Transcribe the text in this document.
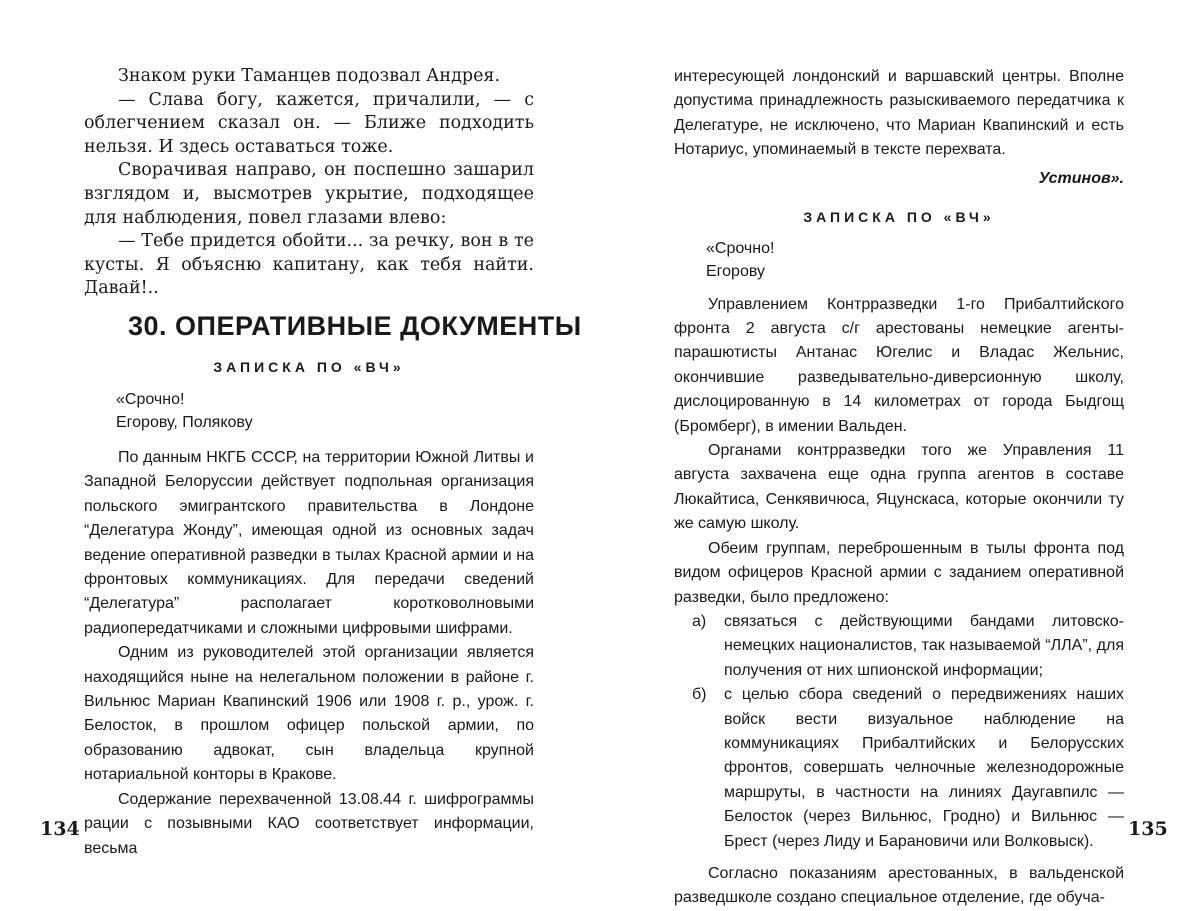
Знаком руки Таманцев подозвал Андрея.

— Слава богу, кажется, причалили, — с облегчением сказал он. — Ближе подходить нельзя. И здесь оставаться тоже.

Сворачивая направо, он поспешно зашарил взглядом и, высмотрев укрытие, подходящее для наблюдения, повел глазами влево:

— Тебе придется обойти... за речку, вон в те кусты. Я объясню капитану, как тебя найти. Давай!..

30. ОПЕРАТИВНЫЕ ДОКУМЕНТЫ

ЗАПИСКА ПО «ВЧ»

«Срочно!

Егорову, Полякову

По данным НКГБ СССР, на территории Южной Литвы и Западной Белоруссии действует подпольная организация польского эмигрантского правительства в Лондоне “Делегатура Жонду”, имеющая одной из основных задач ведение оперативной разведки в тылах Красной армии и на фронтовых коммуникациях. Для передачи сведений “Делегатура” располагает коротковолновыми радиопередатчиками и сложными цифровыми шифрами.

Одним из руководителей этой организации является находящийся ныне на нелегальном положении в районе г. Вильнюс Мариан Квапинский 1906 или 1908 г. р., урож. г. Белосток, в прошлом офицер польской армии, по образованию адвокат, сын владельца крупной нотариальной конторы в Кракове.

Содержание перехваченной 13.08.44 г. шифрограммы рации с позывными КАО соответствует информации, весьма

134

интересующей лондонский и варшавский центры. Вполне допустима принадлежность разыскиваемого передатчика к Делегатуре, не исключено, что Мариан Квапинский и есть Нотариус, упоминаемый в тексте перехвата.

Устинов».

ЗАПИСКА ПО «ВЧ»

«Срочно!

Егорову

Управлением Контрразведки 1-го Прибалтийского фронта 2 августа с/г арестованы немецкие агенты-парашютисты Антанас Югелис и Владас Жельнис, окончившие разведывательно-диверсионную школу, дислоцированную в 14 километрах от города Быдгощ (Бромберг), в имении Вальден.

Органами контрразведки того же Управления 11 августа захвачена еще одна группа агентов в составе Люкайтиса, Сенкявичюса, Яцунскаса, которые окончили ту же самую школу.

Обеим группам, переброшенным в тылы фронта под видом офицеров Красной армии с заданием оперативной разведки, было предложено:

а)	связаться с действующими бандами литовско-немецких националистов, так называемой “ЛЛА”, для получения от них шпионской информации;
б)	с целью сбора сведений о передвижениях наших войск вести визуальное наблюдение на коммуникациях Прибалтийских и Белорусских фронтов, совершать челночные железнодорожные маршруты, в частности на линиях Даугавпилс — Белосток (через Вильнюс, Гродно) и Вильнюс — Брест (через Лиду и Барановичи или Волковыск).

Согласно показаниям арестованных, в вальденской разведшколе создано специальное отделение, где обуча-

135
